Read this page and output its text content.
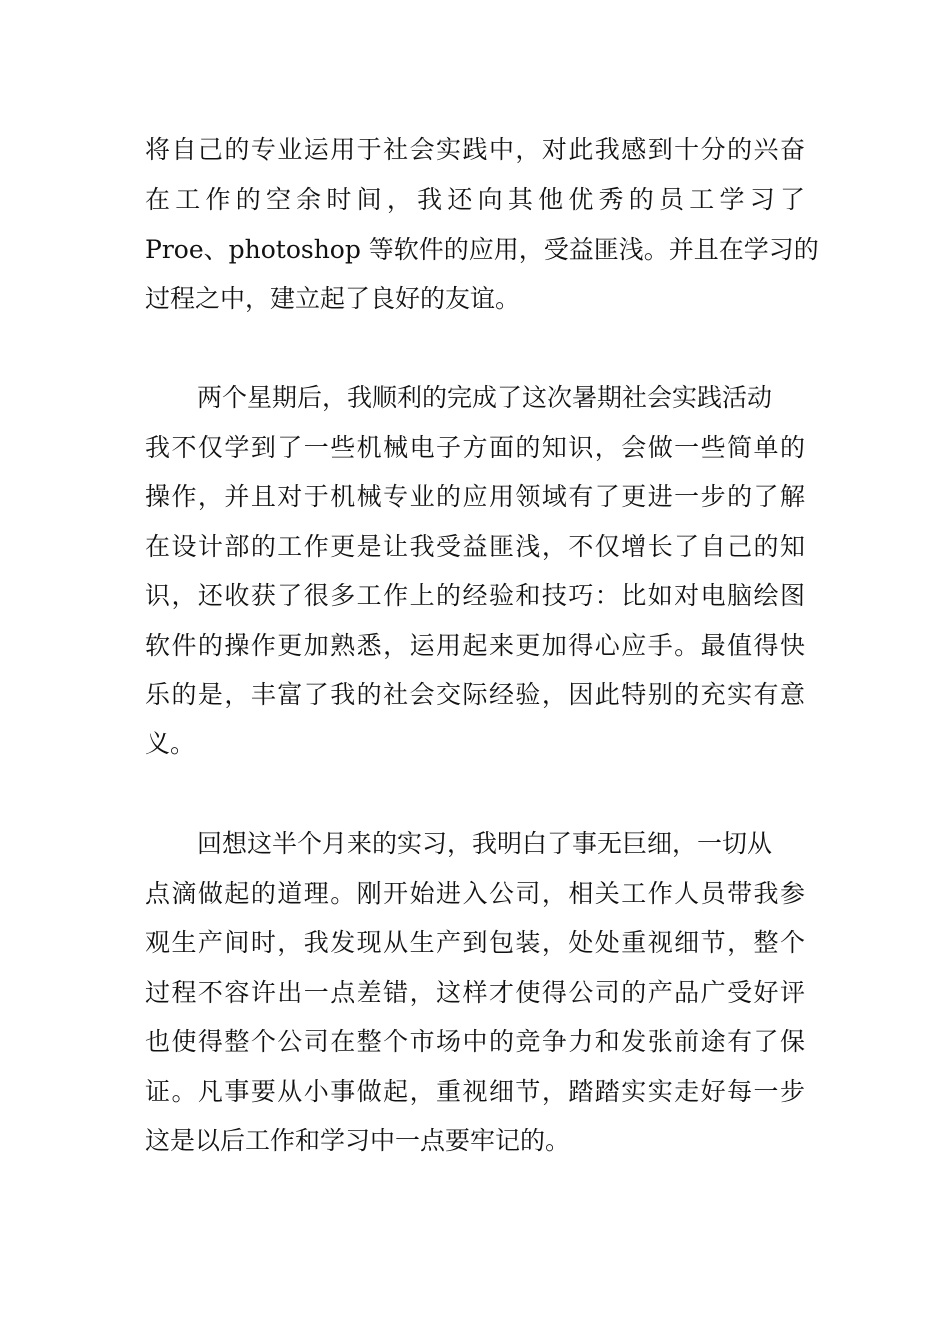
将自己的专业运用于社会实践中，对此我感到十分的兴奋
在工作的空余时间，我还向其他优秀的员工学习了
Proe、photoshop 等软件的应用，受益匪浅。并且在学习的
过程之中，建立起了良好的友谊。
两个星期后，我顺利的完成了这次暑期社会实践活动
我不仅学到了一些机械电子方面的知识，会做一些简单的
操作，并且对于机械专业的应用领域有了更进一步的了解
在设计部的工作更是让我受益匪浅，不仅增长了自己的知
识，还收获了很多工作上的经验和技巧：比如对电脑绘图
软件的操作更加熟悉，运用起来更加得心应手。最值得快
乐的是，丰富了我的社会交际经验，因此特别的充实有意
义。
回想这半个月来的实习，我明白了事无巨细，一切从
点滴做起的道理。刚开始进入公司，相关工作人员带我参
观生产间时，我发现从生产到包装，处处重视细节，整个
过程不容许出一点差错，这样才使得公司的产品广受好评
也使得整个公司在整个市场中的竞争力和发张前途有了保
证。凡事要从小事做起，重视细节，踏踏实实走好每一步
这是以后工作和学习中一点要牢记的。
